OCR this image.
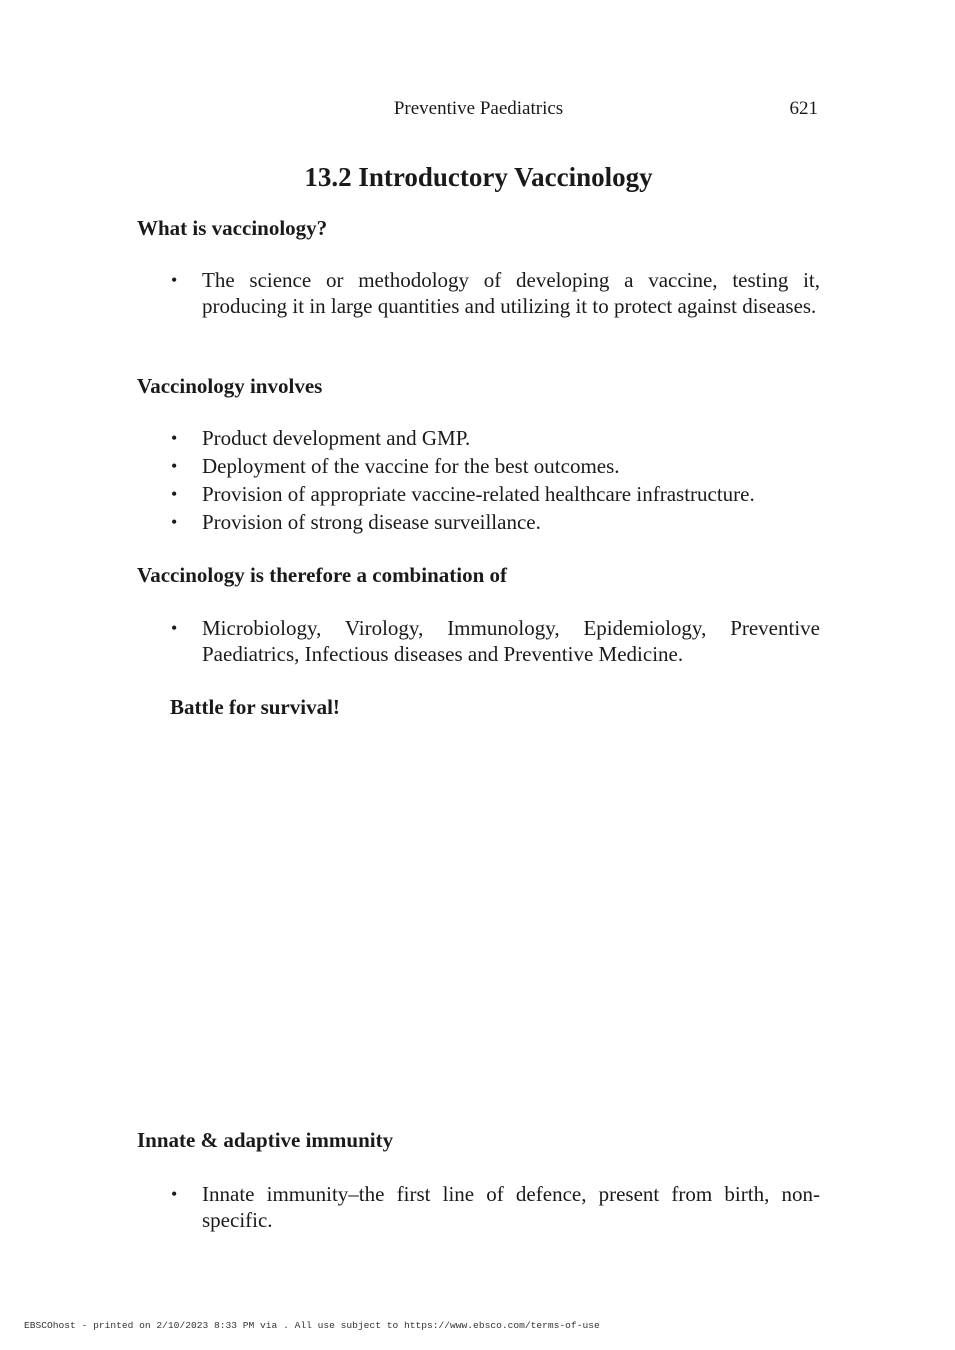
Preventive Paediatrics	621
13.2 Introductory Vaccinology
What is vaccinology?
• The science or methodology of developing a vaccine, testing it, producing it in large quantities and utilizing it to protect against diseases.
Vaccinology involves
• Product development and GMP.
• Deployment of the vaccine for the best outcomes.
• Provision of appropriate vaccine-related healthcare infrastructure.
• Provision of strong disease surveillance.
Vaccinology is therefore a combination of
• Microbiology, Virology, Immunology, Epidemiology, Preventive Paediatrics, Infectious diseases and Preventive Medicine.
Battle for survival!
Innate & adaptive immunity
• Innate immunity–the first line of defence, present from birth, non-specific.
EBSCOhost - printed on 2/10/2023 8:33 PM via . All use subject to https://www.ebsco.com/terms-of-use
